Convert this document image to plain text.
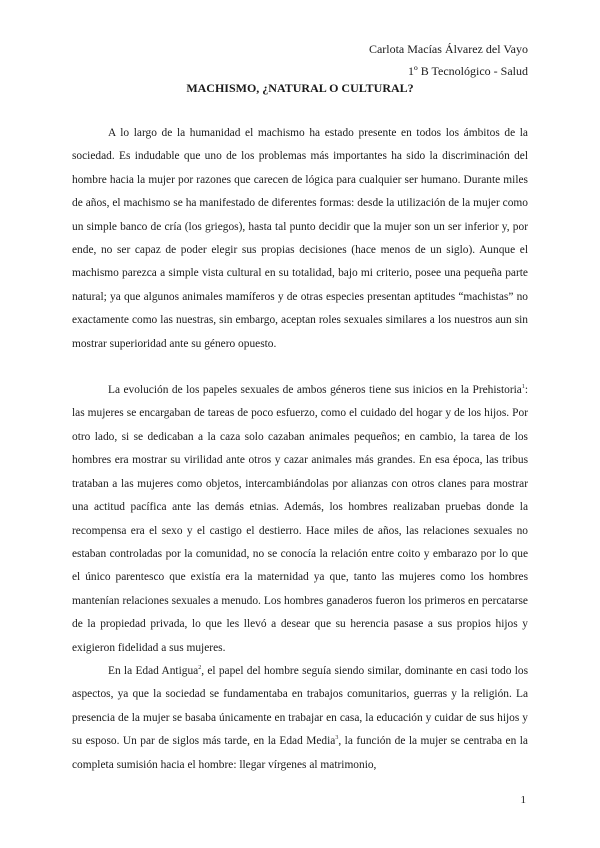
Carlota Macías Álvarez del Vayo
1º B Tecnológico - Salud
MACHISMO, ¿NATURAL O CULTURAL?

A lo largo de la humanidad el machismo ha estado presente en todos los ámbitos de la sociedad. Es indudable que uno de los problemas más importantes ha sido la discriminación del hombre hacia la mujer por razones que carecen de lógica para cualquier ser humano. Durante miles de años, el machismo se ha manifestado de diferentes formas: desde la utilización de la mujer como un simple banco de cría (los griegos), hasta tal punto decidir que la mujer son un ser inferior y, por ende, no ser capaz de poder elegir sus propias decisiones (hace menos de un siglo). Aunque el machismo parezca a simple vista cultural en su totalidad, bajo mi criterio, posee una pequeña parte natural; ya que algunos animales mamíferos y de otras especies presentan aptitudes “machistas” no exactamente como las nuestras, sin embargo, aceptan roles sexuales similares a los nuestros aun sin mostrar superioridad ante su género opuesto.

La evolución de los papeles sexuales de ambos géneros tiene sus inicios en la Prehistoria$^1$: las mujeres se encargaban de tareas de poco esfuerzo, como el cuidado del hogar y de los hijos. Por otro lado, si se dedicaban a la caza solo cazaban animales pequeños; en cambio, la tarea de los hombres era mostrar su virilidad ante otros y cazar animales más grandes. En esa época, las tribus trataban a las mujeres como objetos, intercambiándolas por alianzas con otros clanes para mostrar una actitud pacífica ante las demás etnias. Además, los hombres realizaban pruebas donde la recompensa era el sexo y el castigo el destierro. Hace miles de años, las relaciones sexuales no estaban controladas por la comunidad, no se conocía la relación entre coito y embarazo por lo que el único parentesco que existía era la maternidad ya que, tanto las mujeres como los hombres mantenían relaciones sexuales a menudo. Los hombres ganaderos fueron los primeros en percatarse de la propiedad privada, lo que les llevó a desear que su herencia pasase a sus propios hijos y exigieron fidelidad a sus mujeres.

En la Edad Antigua$^2$, el papel del hombre seguía siendo similar, dominante en casi todo los aspectos, ya que la sociedad se fundamentaba en trabajos comunitarios, guerras y la religión. La presencia de la mujer se basaba únicamente en trabajar en casa, la educación y cuidar de sus hijos y su esposo. Un par de siglos más tarde, en la Edad Media$^3$, la función de la mujer se centraba en la completa sumisión hacia el hombre: llegar vírgenes al matrimonio,

1
